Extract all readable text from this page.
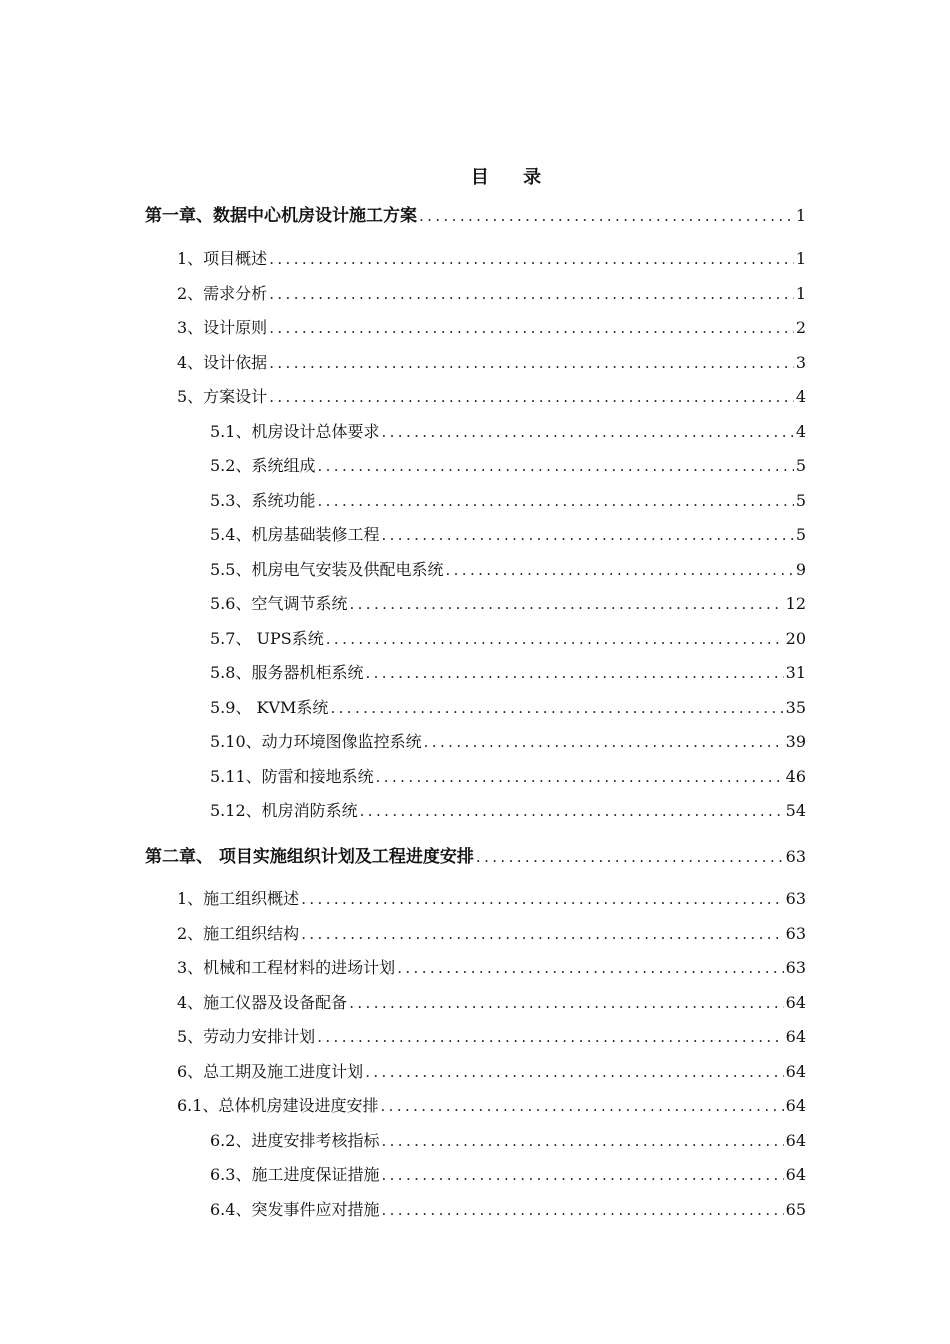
目 录
第一章、数据中心机房设计施工方案 .....	1
1、项目概述 .....	1
2、需求分析 .....	1
3、设计原则 .....	2
4、设计依据 .....	3
5、方案设计 .....	4
5.1、机房设计总体要求 .....	4
5.2、系统组成 .....	5
5.3、系统功能 .....	5
5.4、机房基础装修工程 .....	5
5.5、机房电气安装及供配电系统 .....	9
5.6、空气调节系统 .....	12
5.7、 UPS系统 .....	20
5.8、服务器机柜系统 .....	31
5.9、 KVM系统 .....	35
5.10、动力环境图像监控系统 .....	39
5.11、防雷和接地系统 .....	46
5.12、机房消防系统 .....	54
第二章、 项目实施组织计划及工程进度安排 .....	63
1、施工组织概述 .....	63
2、施工组织结构 .....	63
3、机械和工程材料的进场计划 .....	63
4、施工仪器及设备配备 .....	64
5、劳动力安排计划 .....	64
6、总工期及施工进度计划 .....	64
6.1、总体机房建设进度安排 .....	64
6.2、进度安排考核指标 .....	64
6.3、施工进度保证措施 .....	64
6.4、突发事件应对措施 .....	65
